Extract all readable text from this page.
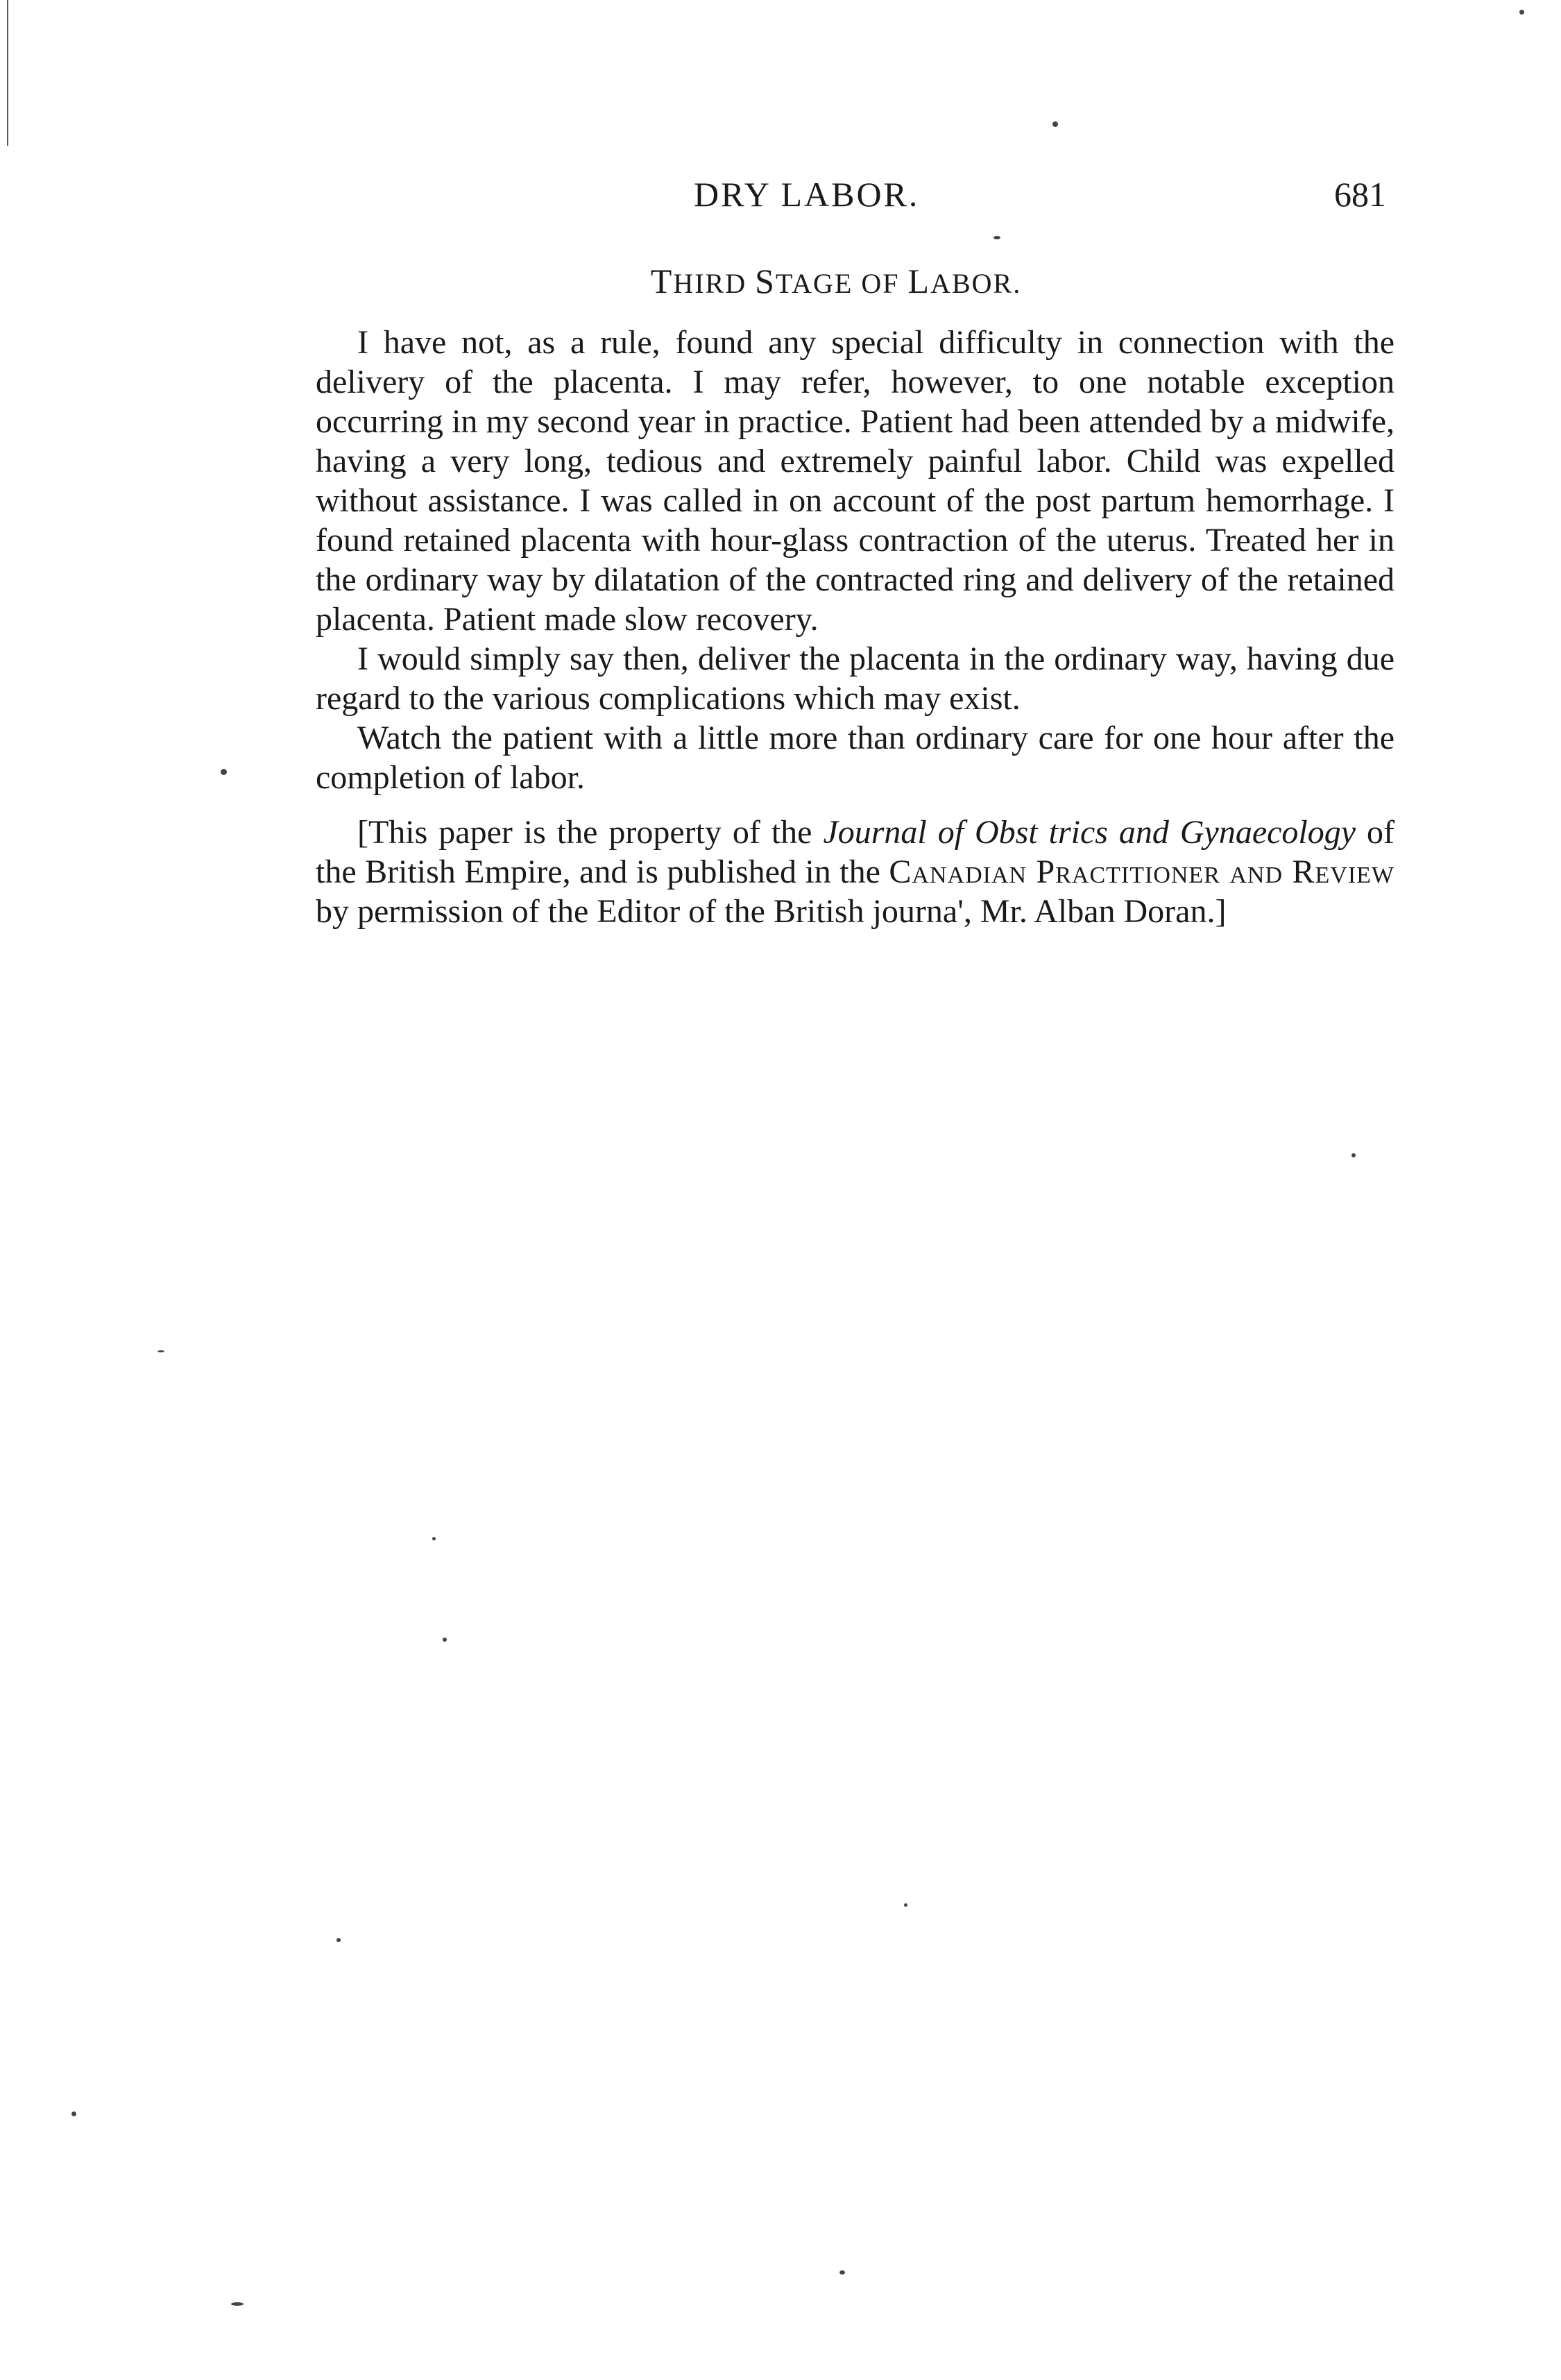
DRY LABOR.	681
THIRD STAGE OF LABOR.

I have not, as a rule, found any special difficulty in connection with the delivery of the placenta. I may refer, however, to one notable exception occurring in my second year in practice. Patient had been attended by a midwife, having a very long, tedious and extremely painful labor. Child was expelled without assistance. I was called in on account of the post partum hemorrhage. I found retained placenta with hour-glass contraction of the uterus. Treated her in the ordinary way by dilatation of the contracted ring and delivery of the retained placenta. Patient made slow recovery.

I would simply say then, deliver the placenta in the ordinary way, having due regard to the various complications which may exist.

Watch the patient with a little more than ordinary care for one hour after the completion of labor.

[This paper is the property of the Journal of Obst trics and Gynaecology of the British Empire, and is published in the Canadian Practitioner and Review by permission of the Editor of the British journa', Mr. Alban Doran.]
